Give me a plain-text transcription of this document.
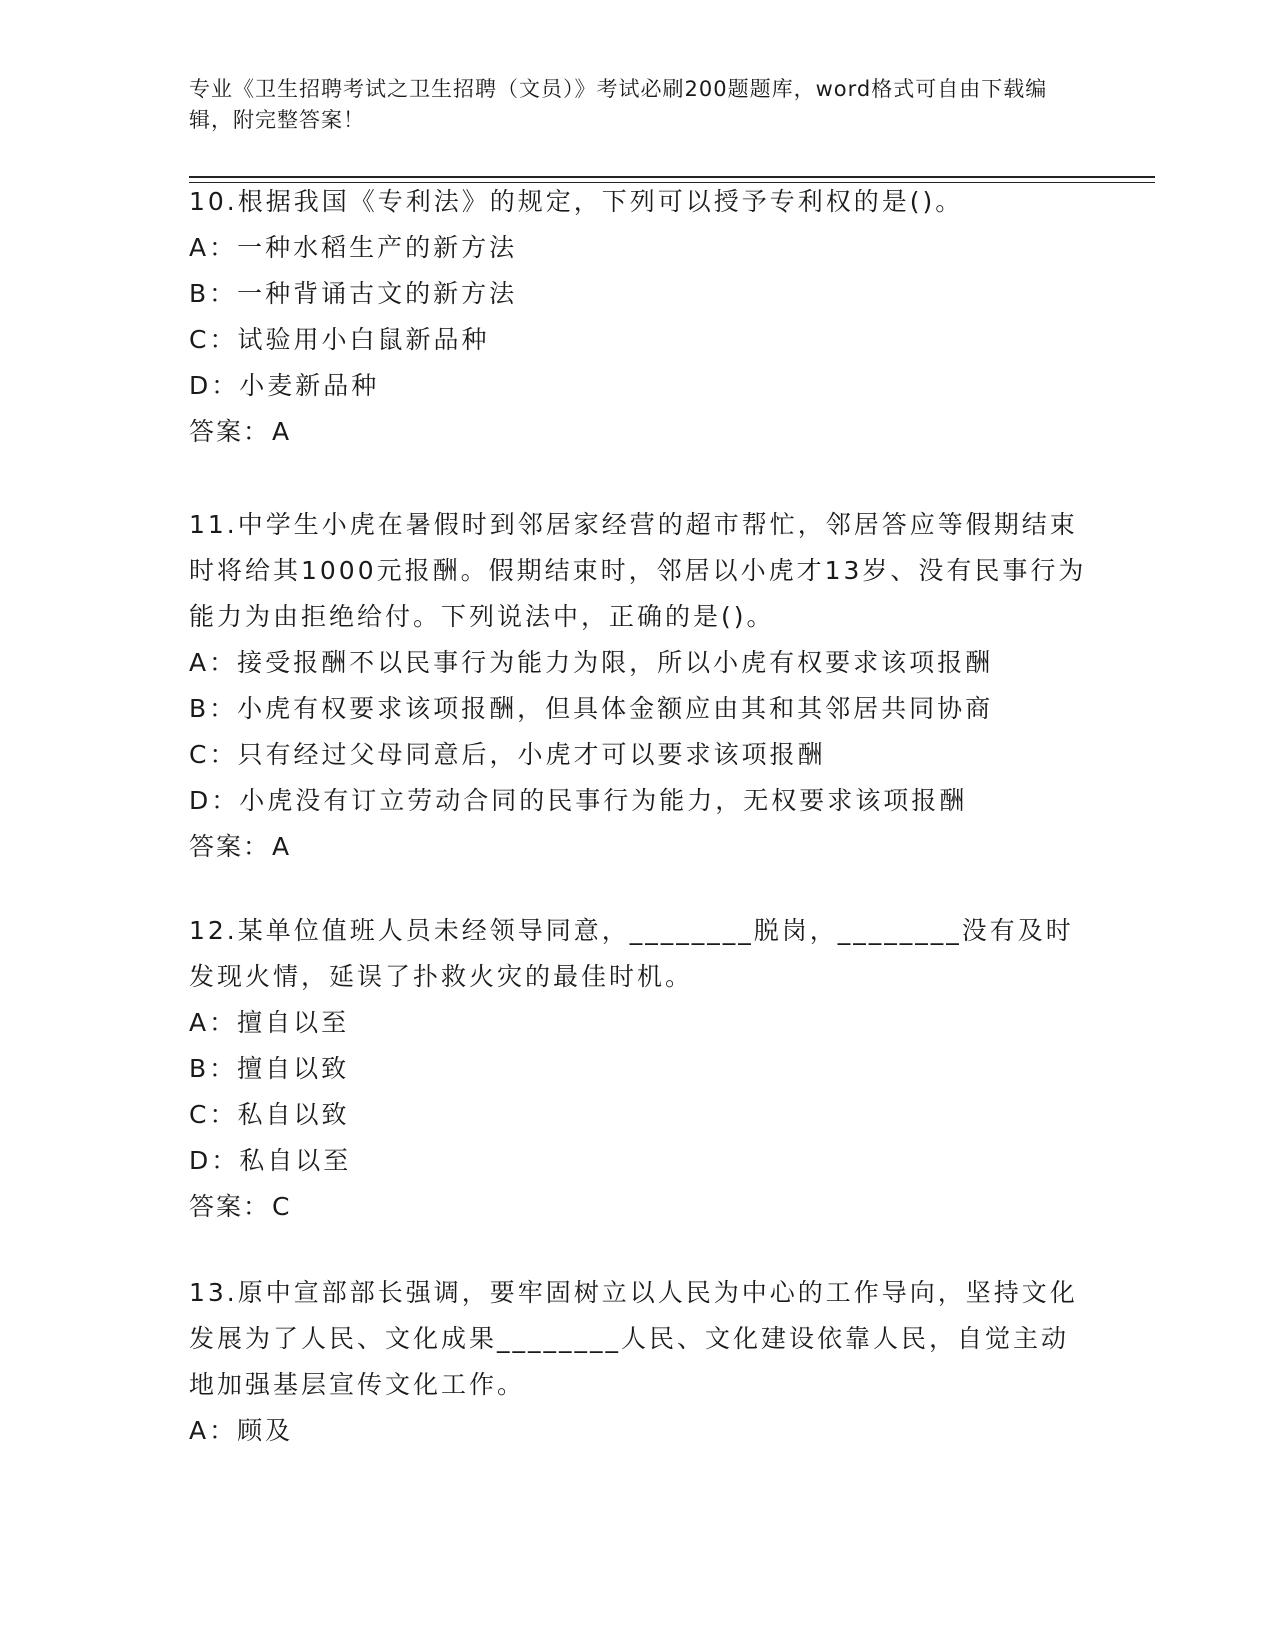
专业《卫生招聘考试之卫生招聘（文员）》考试必刷200题题库，word格式可自由下载编辑，附完整答案！
10.根据我国《专利法》的规定，下列可以授予专利权的是()。
A：一种水稻生产的新方法
B：一种背诵古文的新方法
C：试验用小白鼠新品种
D：小麦新品种
答案：A
11.中学生小虎在暑假时到邻居家经营的超市帮忙，邻居答应等假期结束时将给其1000元报酬。假期结束时，邻居以小虎才13岁、没有民事行为能力为由拒绝给付。下列说法中，正确的是()。
A：接受报酬不以民事行为能力为限，所以小虎有权要求该项报酬
B：小虎有权要求该项报酬，但具体金额应由其和其邻居共同协商
C：只有经过父母同意后，小虎才可以要求该项报酬
D：小虎没有订立劳动合同的民事行为能力，无权要求该项报酬
答案：A
12.某单位值班人员未经领导同意，________脱岗，________没有及时发现火情，延误了扑救火灾的最佳时机。
A：擅自以至
B：擅自以致
C：私自以致
D：私自以至
答案：C
13.原中宣部部长强调，要牢固树立以人民为中心的工作导向，坚持文化发展为了人民、文化成果________人民、文化建设依靠人民，自觉主动地加强基层宣传文化工作。
A：顾及
